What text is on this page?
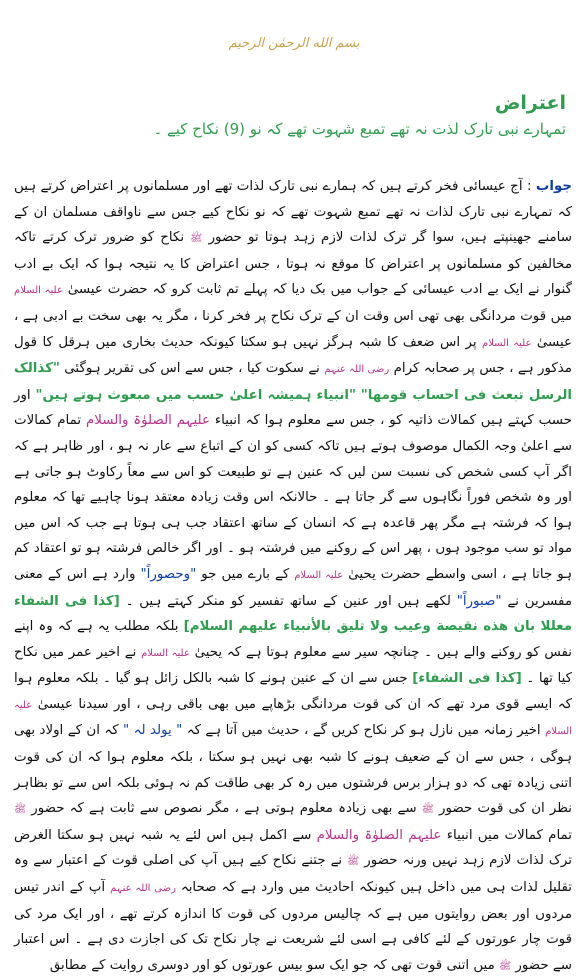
بسم الله الرحمٰن الرحیم
اعتراض
تمہارے نبی تارک لذت نہ تھے تمبع شہوت تھے کہ نو (9) نکاح کیے ۔
جواب : آج عیسائی فخر کرتے ہیں کہ ہمارے نبی تارک لذات تھے اور مسلمانوں پر اعتراض کرتے ہیں کہ تمہارے نبی تارک لذات نہ تھے تمبع شہوت تھے کہ نو نکاح کیے جس سے ناواقف مسلمان ان کے سامنے جھینپتے ہیں، سوا گر ترک لذات لازم زہد ہوتا تو حضور ﷺ نکاح کو ضرور ترک کرتے تاکہ مخالفین کو مسلمانوں پر اعتراض کا موقع نہ ہوتا ، جس اعتراض کا یہ نتیجہ ہوا کہ ایک بے ادب گنوار نے ایک بے ادب عیسائی کے جواب میں بک دیا کہ پہلے تم ثابت کرو کہ حضرت عیسیٰ علیہ السلام میں قوت مردانگی بھی تھی اس وقت ان کے ترک نکاح پر فخر کرنا ، مگر یہ بھی سخت بے ادبی ہے ، عیسیٰ علیہ السلام پر اس ضعف کا شبہ ہرگز نہیں ہو سکتا کیونکہ حدیث بخاری میں ہرقل کا قول مذکور ہے ، جس پر صحابہ کرام رضی اللہ عنہم نے سکوت کیا ، جس سے اس کی تقریر ہوگئی "کذالک الرسل تبعث فی احساب قومها" "انبیاء ہمیشہ اعلیٰ حسب میں مبعوث ہوتے ہیں" اور حسب کہتے ہیں کمالات ذاتیہ کو ، جس سے معلوم ہوا کہ انبیاء علیہم الصلوٰۃ والسلام تمام کمالات سے اعلیٰ وجہ الکمال موصوف ہوتے ہیں تاکہ کسی کو ان کے اتباع سے عار نہ ہو ، اور ظاہر ہے کہ اگر آپ کسی شخص کی نسبت سن لیں کہ عنین ہے تو طبیعت کو اس سے معاً رکاوٹ ہو جاتی ہے اور وہ شخص فوراً نگاہوں سے گر جاتا ہے ۔ حالانکہ اس وقت زیادہ معتقد ہونا چاہیے تھا کہ معلوم ہوا کہ فرشتہ ہے مگر پھر قاعدہ ہے کہ انسان کے ساتھ اعتقاد جب ہی ہوتا ہے جب کہ اس میں مواد تو سب موجود ہوں ، پھر اس کے روکنے میں فرشتہ ہو ۔ اور اگر خالص فرشتہ ہو تو اعتقاد کم ہو جاتا ہے ، اسی واسطے حضرت یحییٰ علیہ السلام کے بارے میں جو "وحصوراً" وارد ہے اس کے معنی مفسرین نے "صبوراً" لکھے ہیں اور عنین کے ساتھ تفسیر کو منکر کہتے ہیں ۔ [کذا فی الشفاء معللا بان هذه نقیصة وعیب ولا تلیق بالأنبياء علیهم السلام] بلکہ مطلب یہ ہے کہ وہ اپنے نفس کو روکنے والے ہیں ۔ چنانچہ سیر سے معلوم ہوتا ہے کہ یحییٰ علیہ السلام نے اخیر عمر میں نکاح کیا تھا ۔ [کذا فی الشفاء] جس سے ان کے عنین ہونے کا شبہ بالکل زائل ہو گیا ۔ بلکہ معلوم ہوا کہ ایسے قوی مرد تھے کہ ان کی قوت مردانگی بڑھاپے میں بھی باقی رہی ، اور سیدنا عیسیٰ علیہ السلام اخیر زمانہ میں نازل ہو کر نکاح کریں گے ، حدیث میں آتا ہے کہ " یولد لہ " کہ ان کے اولاد بھی ہوگی ، جس سے ان کے ضعیف ہونے کا شبہ بھی نہیں ہو سکتا ، بلکہ معلوم ہوا کہ ان کی قوت اتنی زیادہ تھی کہ دو ہزار برس فرشتوں میں رہ کر بھی طاقت کم نہ ہوئی بلکہ اس سے تو بظاہر نظر ان کی قوت حضور ﷺ سے بھی زیادہ معلوم ہوتی ہے ، مگر نصوص سے ثابت ہے کہ حضور ﷺ تمام کمالات میں انبیاء علیہم الصلوٰۃ والسلام سے اکمل ہیں اس لئے یہ شبہ نہیں ہو سکتا الغرض ترک لذات لازم زہد نہیں ورنہ حضور ﷺ نے جتنے نکاح کیے ہیں آپ کی اصلی قوت کے اعتبار سے وہ تقلیل لذات ہی میں داخل ہیں کیونکہ احادیث میں وارد ہے کہ صحابہ رضی اللہ عنہم آپ کے اندر تیس مردوں اور بعض روایتوں میں ہے کہ چالیس مردوں کی قوت کا اندازہ کرتے تھے ، اور ایک مرد کی قوت چار عورتوں کے لئے کافی ہے اسی لئے شریعت نے چار نکاح تک کی اجازت دی ہے ۔ اس اعتبار سے حضور ﷺ میں اتنی قوت تھی کہ جو ایک سو بیس عورتوں کو اور دوسری روایت کے مطابق
